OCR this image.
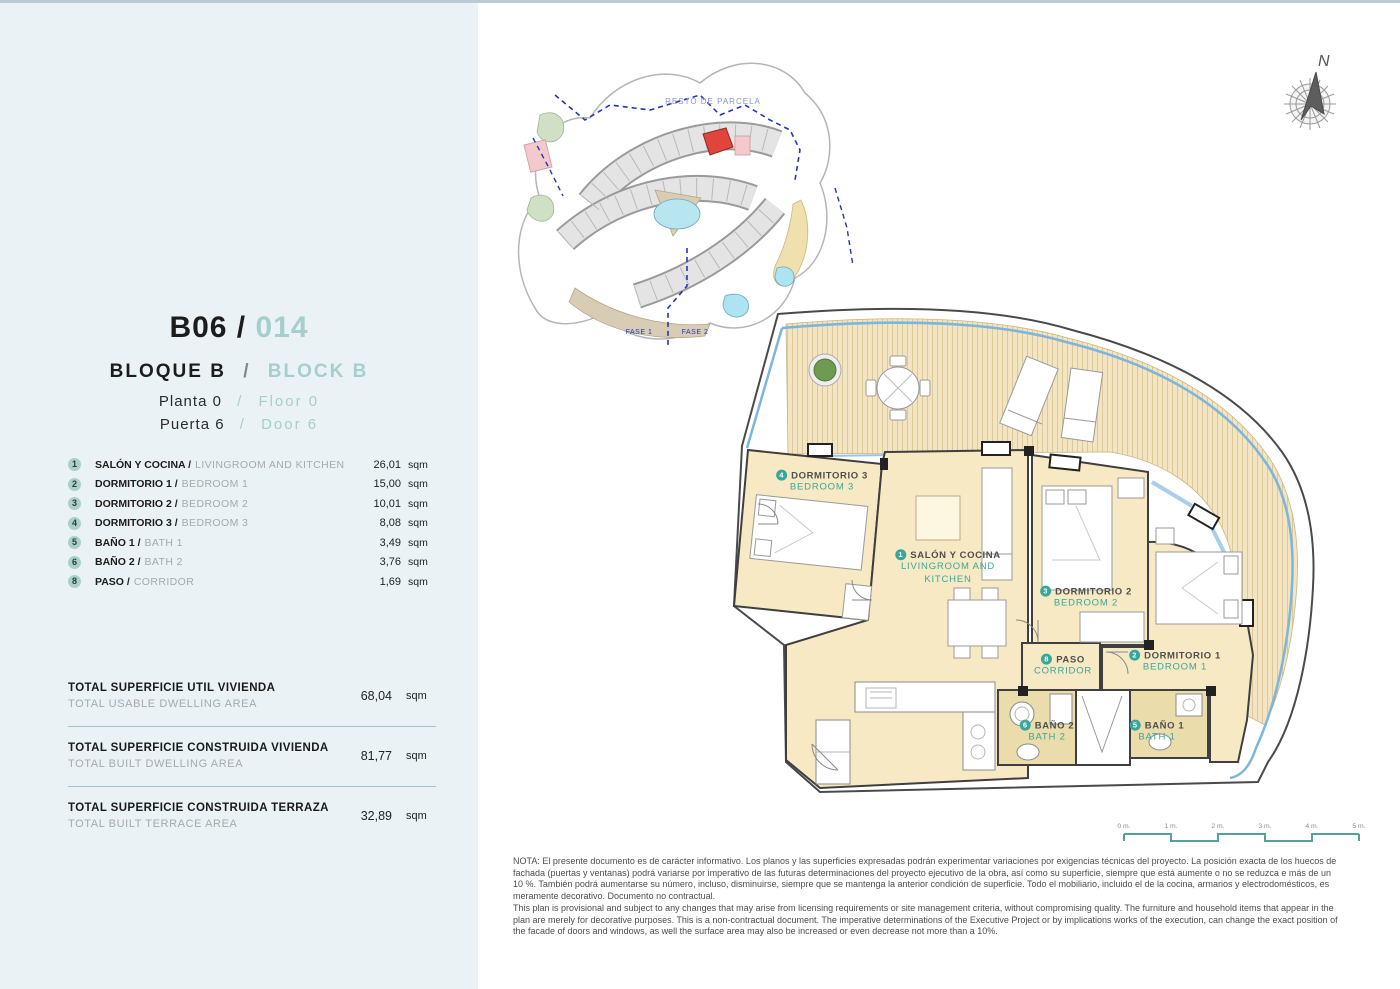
B06 / 014
BLOQUE B / BLOCK B
Planta 0 / Floor 0
Puerta 6 / Door 6
1	SALÓN Y COCINA / LIVINGROOM AND KITCHEN	26,01 sqm
2	DORMITORIO 1 / BEDROOM 1	15,00 sqm
3	DORMITORIO 2 / BEDROOM 2	10,01 sqm
4	DORMITORIO 3 / BEDROOM 3	8,08 sqm
5	BAÑO 1 / BATH 1	3,49 sqm
6	BAÑO 2 / BATH 2	3,76 sqm
8	PASO / CORRIDOR	1,69 sqm
TOTAL SUPERFICIE UTIL VIVIENDA
TOTAL USABLE DWELLING AREA
68,04 sqm
TOTAL SUPERFICIE CONSTRUIDA VIVIENDA
TOTAL BUILT DWELLING AREA
81,77 sqm
TOTAL SUPERFICIE CONSTRUIDA TERRAZA
TOTAL BUILT TERRACE AREA
32,89 sqm
RESTO DE PARCELA
FASE 1	FASE 2
N
1 SALÓN Y COCINA
LIVINGROOM AND
KITCHEN
2 DORMITORIO 1
BEDROOM 1
3 DORMITORIO 2
BEDROOM 2
4 DORMITORIO 3
BEDROOM 3
5 BAÑO 1
BATH 1
6 BAÑO 2
BATH 2
8 PASO
CORRIDOR
0 m.	1 m.	2 m.	3 m.	4 m.	5 m.

NOTA: El presente documento es de carácter informativo. Los planos y las superficies expresadas podrán experimentar variaciones por exigencias técnicas del proyecto. La posición exacta de los huecos de fachada (puertas y ventanas) podrá variarse por imperativo de las futuras determinaciones del proyecto ejecutivo de la obra, así como su superficie, siempre que está aumente o no se reduzca e más de un 10 %. También podrá aumentarse su número, incluso, disminuirse, siempre que se mantenga la anterior condición de superficie. Todo el mobiliario, incluido el de la cocina, armarios y electrodomésticos, es meramente decorativo. Documento no contractual.

This plan is provisional and subject to any changes that may arise from licensing requirements or site management criteria, without compromising quality. The furniture and household items that appear in the plan are merely for decorative purposes. This is a non-contractual document. The imperative determinations of the Executive Project or by implications works of the execution, can change the exact position of the facade of doors and windows, as well the surface area may also be increased or even decrease not more than a 10%.
